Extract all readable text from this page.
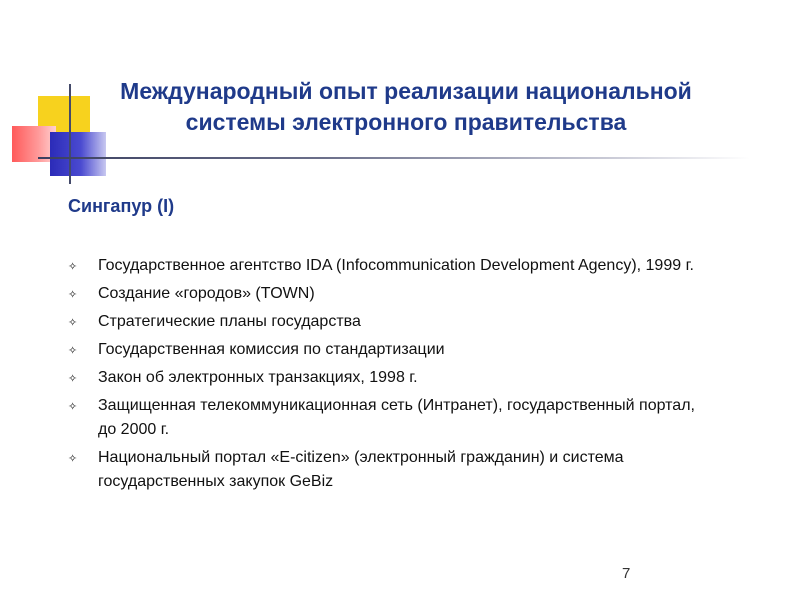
Международный опыт реализации национальной системы электронного правительства
Сингапур (I)
✧ Государственное агентство IDA (Infocommunication Development Agency), 1999 г.
✧ Создание «городов» (TOWN)
✧ Стратегические планы государства
✧ Государственная комиссия по стандартизации
✧ Закон об электронных транзакциях, 1998 г.
✧ Защищенная телекоммуникационная сеть (Интранет), государственный портал, до 2000 г.
✧ Национальный портал «E-citizen» (электронный гражданин) и система государственных закупок GeBiz
7
